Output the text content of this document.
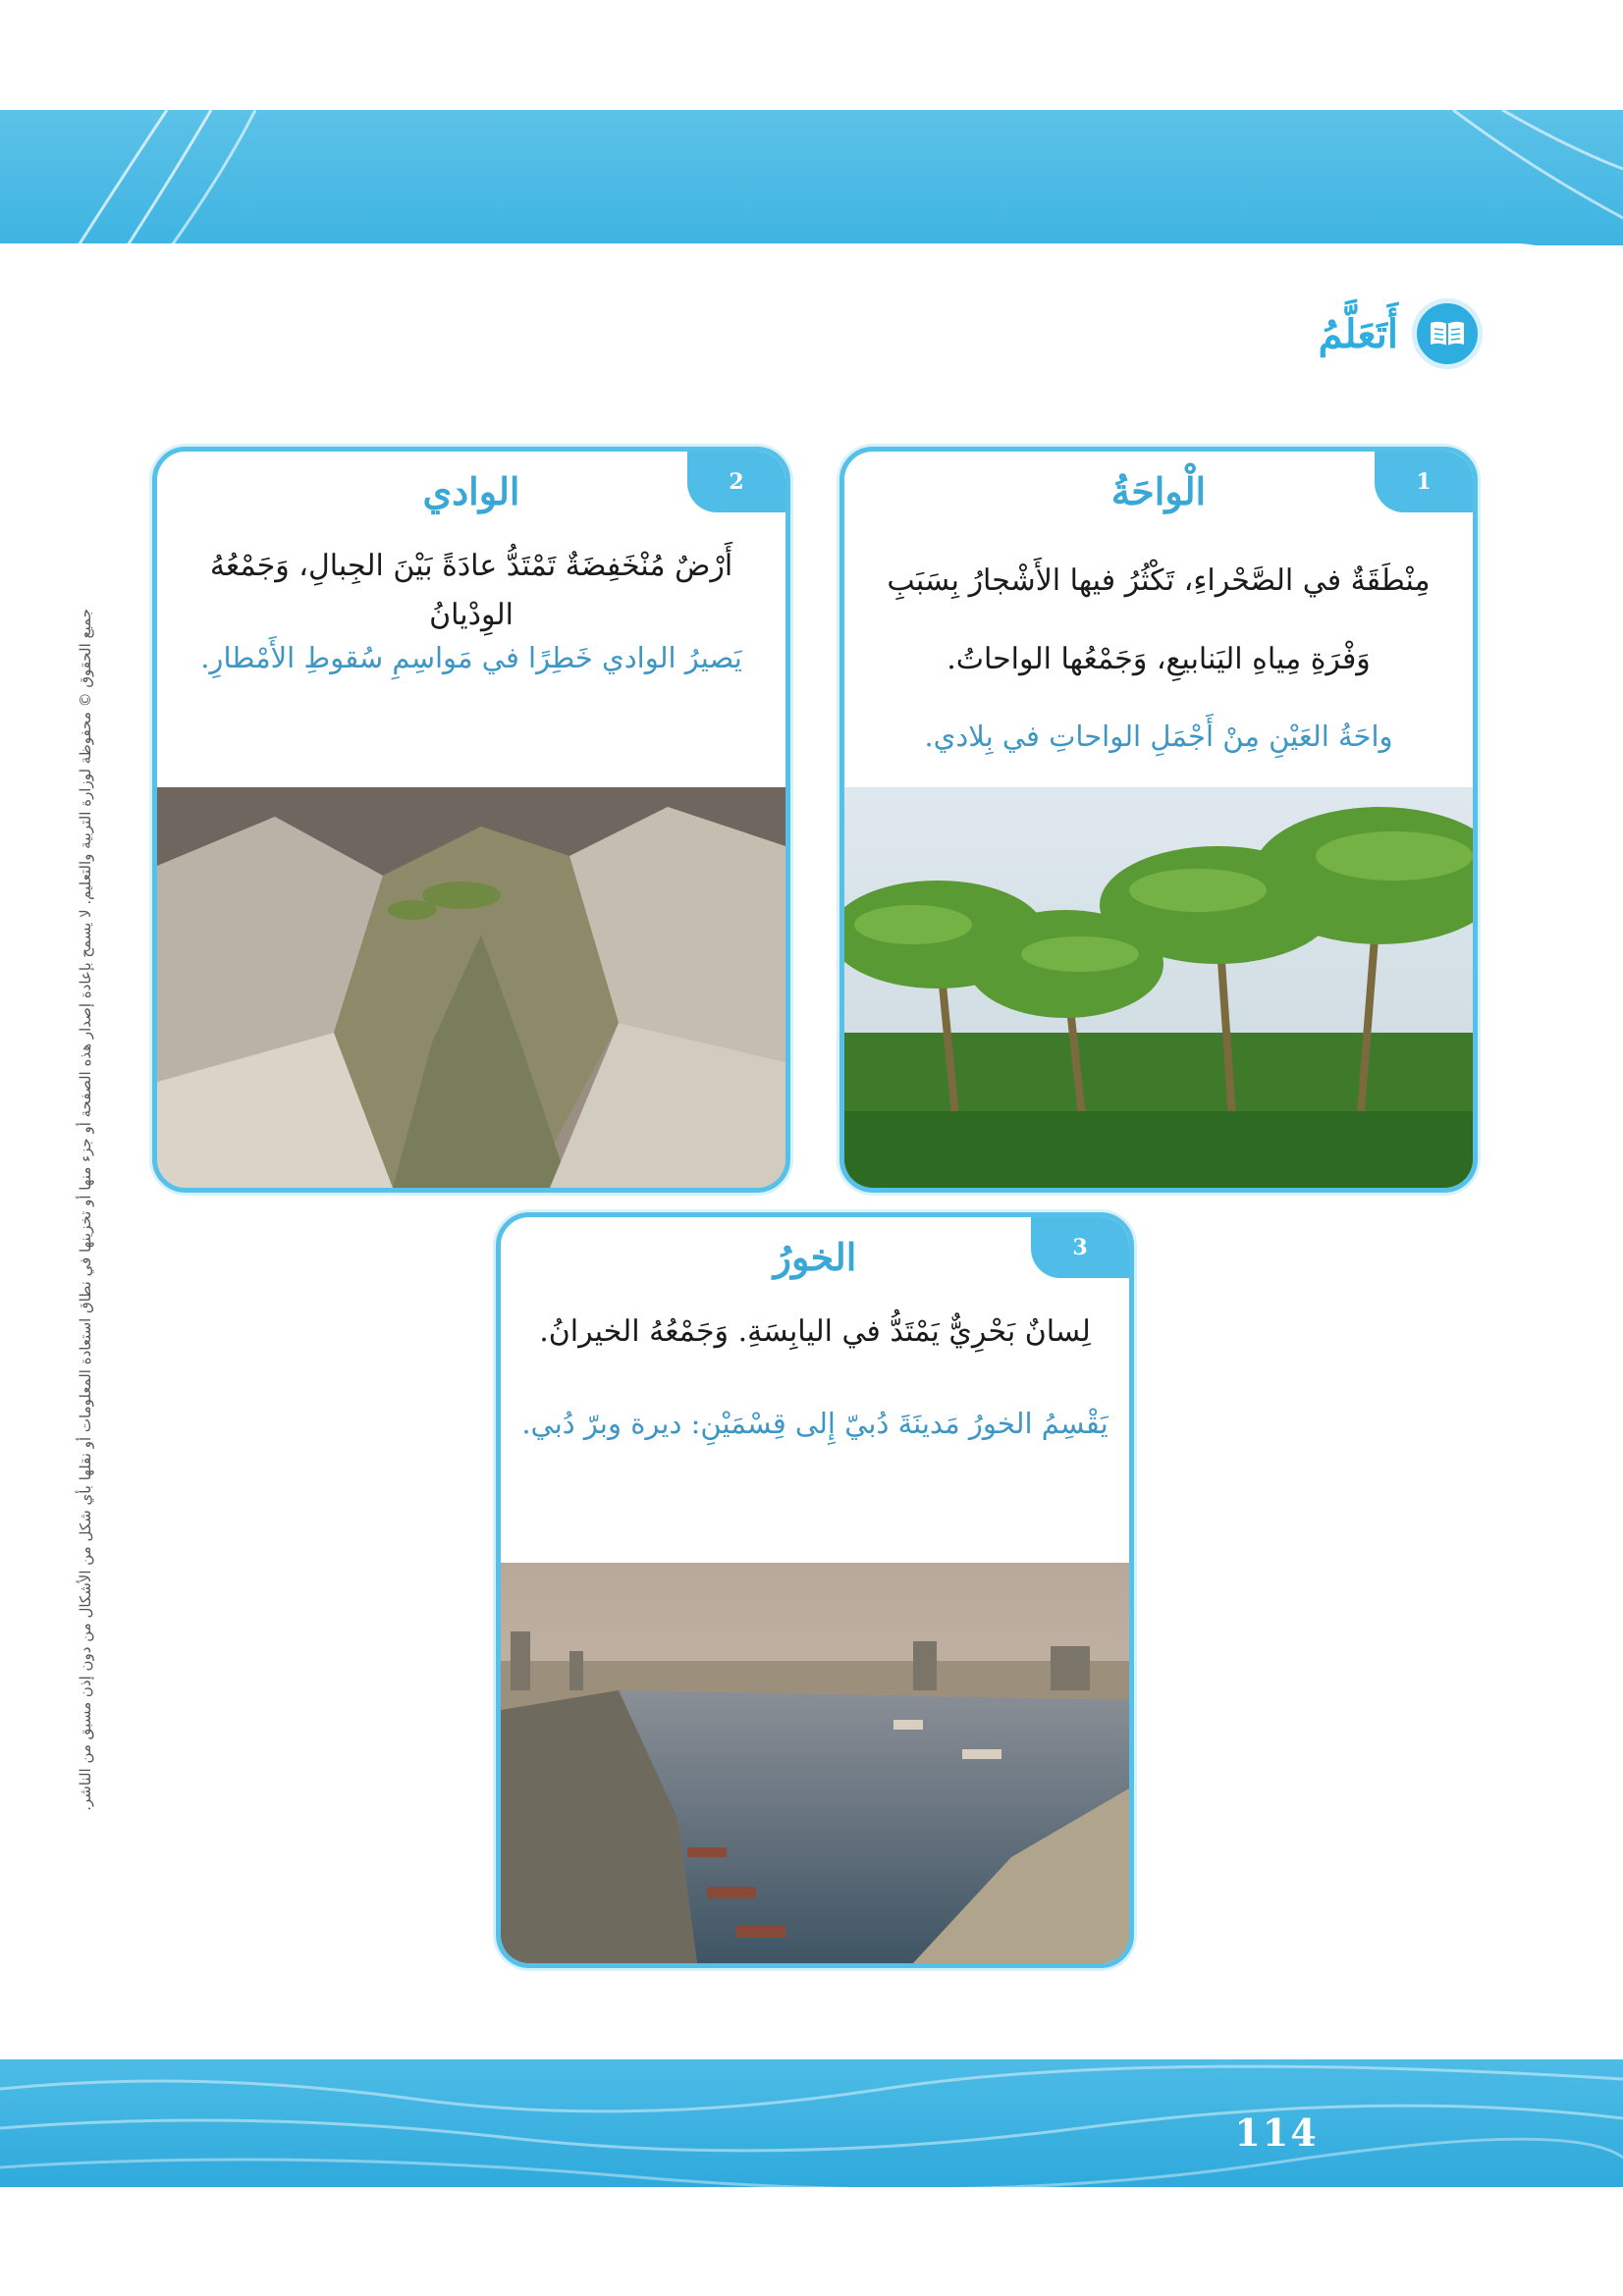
114
جميع الحقوق © محفوظة لوزارة التربية والتعليم. لا يسمح بإعادة إصدار هذه الصفحة أو جزء منها أو تخزينها في نطاق استعادة المعلومات أو نقلها بأي شكل من الأشكال من دون إذن مسبق من الناشر.
أَتَعَلَّمُ
1
الْواحَةُ
مِنْطَقَةٌ في الصَّحْراءِ، تَكْثُرُ فيها الأَشْجارُ بِسَبَبِ وَفْرَةِ مِياهِ اليَنابيعِ، وَجَمْعُها الواحاتُ.
واحَةُ العَيْنِ مِنْ أَجْمَلِ الواحاتِ في بِلادي.
2
الوادي
أَرْضٌ مُنْخَفِضَةٌ تَمْتَدُّ عادَةً بَيْنَ الجِبالِ، وَجَمْعُهُ الوِدْيانُ
يَصيرُ الوادي خَطِرًا في مَواسِمِ سُقوطِ الأَمْطارِ.
3
الخورُ
لِسانٌ بَحْرِيٌّ يَمْتَدُّ في اليابِسَةِ. وَجَمْعُهُ الخيرانُ.
يَقْسِمُ الخورُ مَدينَةَ دُبيّ إِلى قِسْمَيْنِ: ديرة وبرّ دُبي.
